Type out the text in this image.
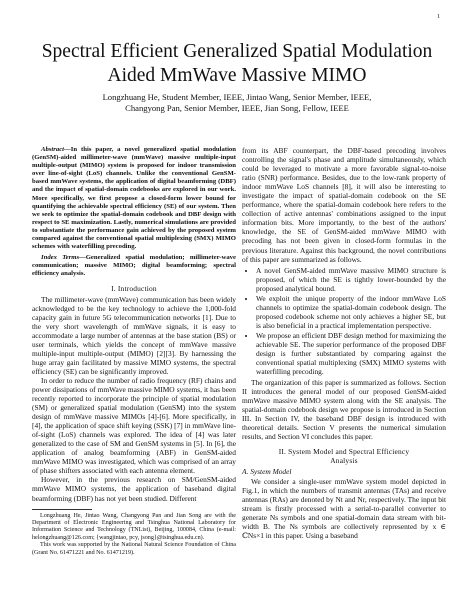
1
Spectral Efficient Generalized Spatial Modulation
Aided MmWave Massive MIMO
Longzhuang He, Student Member, IEEE, Jintao Wang, Senior Member, IEEE,
Changyong Pan, Senior Member, IEEE, Jian Song, Fellow, IEEE

Abstract—In this paper, a novel generalized spatial modulation (GenSM)-aided millimeter-wave (mmWave) massive multiple-input multiple-output (MIMO) system is proposed for indoor transmission over line-of-sight (LoS) channels. Unlike the conventional GenSM-based mmWave systems, the application of digital beamforming (DBF) and the impact of spatial-domain codebooks are explored in our work. More specifically, we first propose a closed-form lower bound for quantifying the achievable spectral efficiency (SE) of our system. Then we seek to optimize the spatial-domain codebook and DBF design with respect to SE maximization. Lastly, numerical simulations are provided to substantiate the performance gain achieved by the proposed system compared against the conventional spatial multiplexing (SMX) MIMO schemes with waterfilling precoding.

Index Terms—Generalized spatial modulation; millimeter-wave communication; massive MIMO; digital beamforming; spectral efficiency analysis.

I. Introduction

The millimeter-wave (mmWave) communication has been widely acknowledged to be the key technology to achieve the 1,000-fold capacity gain in future 5G telecommunication networks [1]. Due to the very short wavelength of mmWave signals, it is easy to accommodate a large number of antennas at the base station (BS) or user terminals, which yields the concept of mmWave massive multiple-input multiple-output (MIMO) [2][3]. By harnessing the huge array gain facilitated by massive MIMO systems, the spectral efficiency (SE) can be significantly improved.

In order to reduce the number of radio frequency (RF) chains and power dissipations of mmWave massive MIMO systems, it has been recently reported to incorporate the principle of spatial modulation (SM) or generalized spatial modulation (GenSM) into the system design of mmWave massive MIMOs [4]-[6]. More specifically, in [4], the application of space shift keying (SSK) [7] in mmWave line-of-sight (LoS) channels was explored. The idea of [4] was later generalized to the case of SM and GenSM systems in [5]. In [6], the application of analog beamforming (ABF) in GenSM-aided mmWave MIMO was investigated, which was comprised of an array of phase shifters associated with each antenna element.

However, in the previous research on SM/GenSM-aided mmWave MIMO systems, the application of baseband digital beamforming (DBF) has not yet been studied. Different

Longzhuang He, Jintao Wang, Changyong Pan and Jian Song are with the Department of Electronic Engineering and Tsinghua National Laboratory for Information Science and Technology (TNList), Beijing, 100084, China (e-mail: helongzhuang@126.com; {wangjintao, pcy, jsong}@tsinghua.edu.cn).

This work was supported by the National Natural Science Foundation of China (Grant No. 61471221 and No. 61471219).

from its ABF counterpart, the DBF-based precoding involves controlling the signal's phase and amplitude simultaneously, which could be leveraged to motivate a more favorable signal-to-noise ratio (SNR) performance. Besides, due to the low-rank property of indoor mmWave LoS channels [8], it will also be interesting to investigate the impact of spatial-domain codebook on the SE performance, where the spatial-domain codebook here refers to the collection of active antennas' combinations assigned to the input information bits. More importantly, to the best of the authors' knowledge, the SE of GenSM-aided mmWave MIMO with precoding has not been given in closed-form formulas in the previous literature. Against this background, the novel contributions of this paper are summarized as follows.

• A novel GenSM-aided mmWave massive MIMO structure is proposed, of which the SE is tightly lower-bounded by the proposed analytical bound.
• We exploit the unique property of the indoor mmWave LoS channels to optimize the spatial-domain codebook design. The proposed codebook scheme not only achieves a higher SE, but is also beneficial in a practical implementation perspective.
• We propose an efficient DBF design method for maximizing the achievable SE. The superior performance of the proposed DBF design is further substantiated by comparing against the conventional spatial multiplexing (SMX) MIMO systems with waterfilling precoding.

The organization of this paper is summarized as follows. Section II introduces the general model of our proposed GenSM-aided mmWave massive MIMO system along with the SE analysis. The spatial-domain codebook design we propose is introduced in Section III. In Section IV, the baseband DBF design is introduced with theoretical details. Section V presents the numerical simulation results, and Section VI concludes this paper.

II. System Model and Spectral Efficiency
Analysis
A. System Model

We consider a single-user mmWave system model depicted in Fig.1, in which the numbers of transmit antennas (TAs) and receive antennas (RAs) are denoted by Nt and Nr, respectively. The input bit stream is firstly processed with a serial-to-parallel converter to generate Ns symbols and one spatial-domain data stream with bit-width B. The Ns symbols are collectively represented by x ∈ ℂNs×1 in this paper. Using a baseband
